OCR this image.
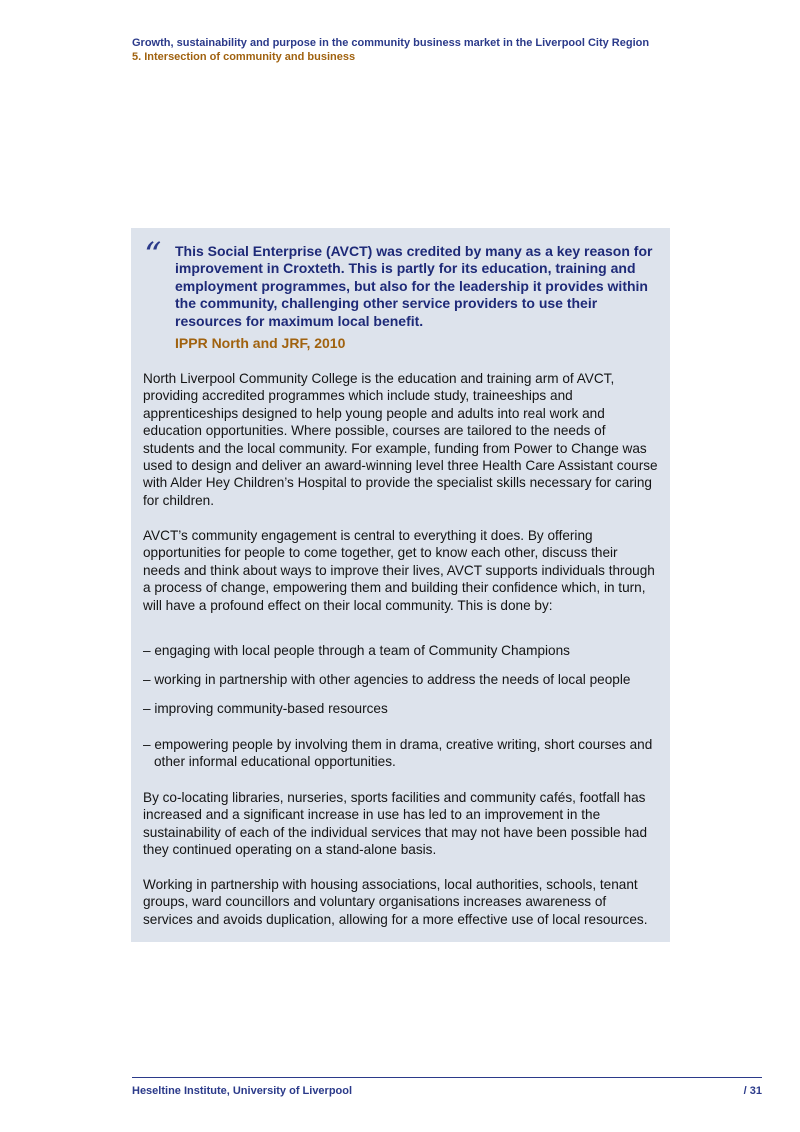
Growth, sustainability and purpose in the community business market in the Liverpool City Region
5. Intersection of community and business
“ This Social Enterprise (AVCT) was credited by many as a key reason for improvement in Croxteth. This is partly for its education, training and employment programmes, but also for the leadership it provides within the community, challenging other service providers to use their resources for maximum local benefit.
IPPR North and JRF, 2010
North Liverpool Community College is the education and training arm of AVCT, providing accredited programmes which include study, traineeships and apprenticeships designed to help young people and adults into real work and education opportunities. Where possible, courses are tailored to the needs of students and the local community. For example, funding from Power to Change was used to design and deliver an award-winning level three Health Care Assistant course with Alder Hey Children’s Hospital to provide the specialist skills necessary for caring for children.
AVCT’s community engagement is central to everything it does. By offering opportunities for people to come together, get to know each other, discuss their needs and think about ways to improve their lives, AVCT supports individuals through a process of change, empowering them and building their confidence which, in turn, will have a profound effect on their local community. This is done by:
– engaging with local people through a team of Community Champions
– working in partnership with other agencies to address the needs of local people
– improving community-based resources
– empowering people by involving them in drama, creative writing, short courses and other informal educational opportunities.
By co-locating libraries, nurseries, sports facilities and community cafés, footfall has increased and a significant increase in use has led to an improvement in the sustainability of each of the individual services that may not have been possible had they continued operating on a stand-alone basis.
Working in partnership with housing associations, local authorities, schools, tenant groups, ward councillors and voluntary organisations increases awareness of services and avoids duplication, allowing for a more effective use of local resources.
Heseltine Institute, University of Liverpool	/ 31
